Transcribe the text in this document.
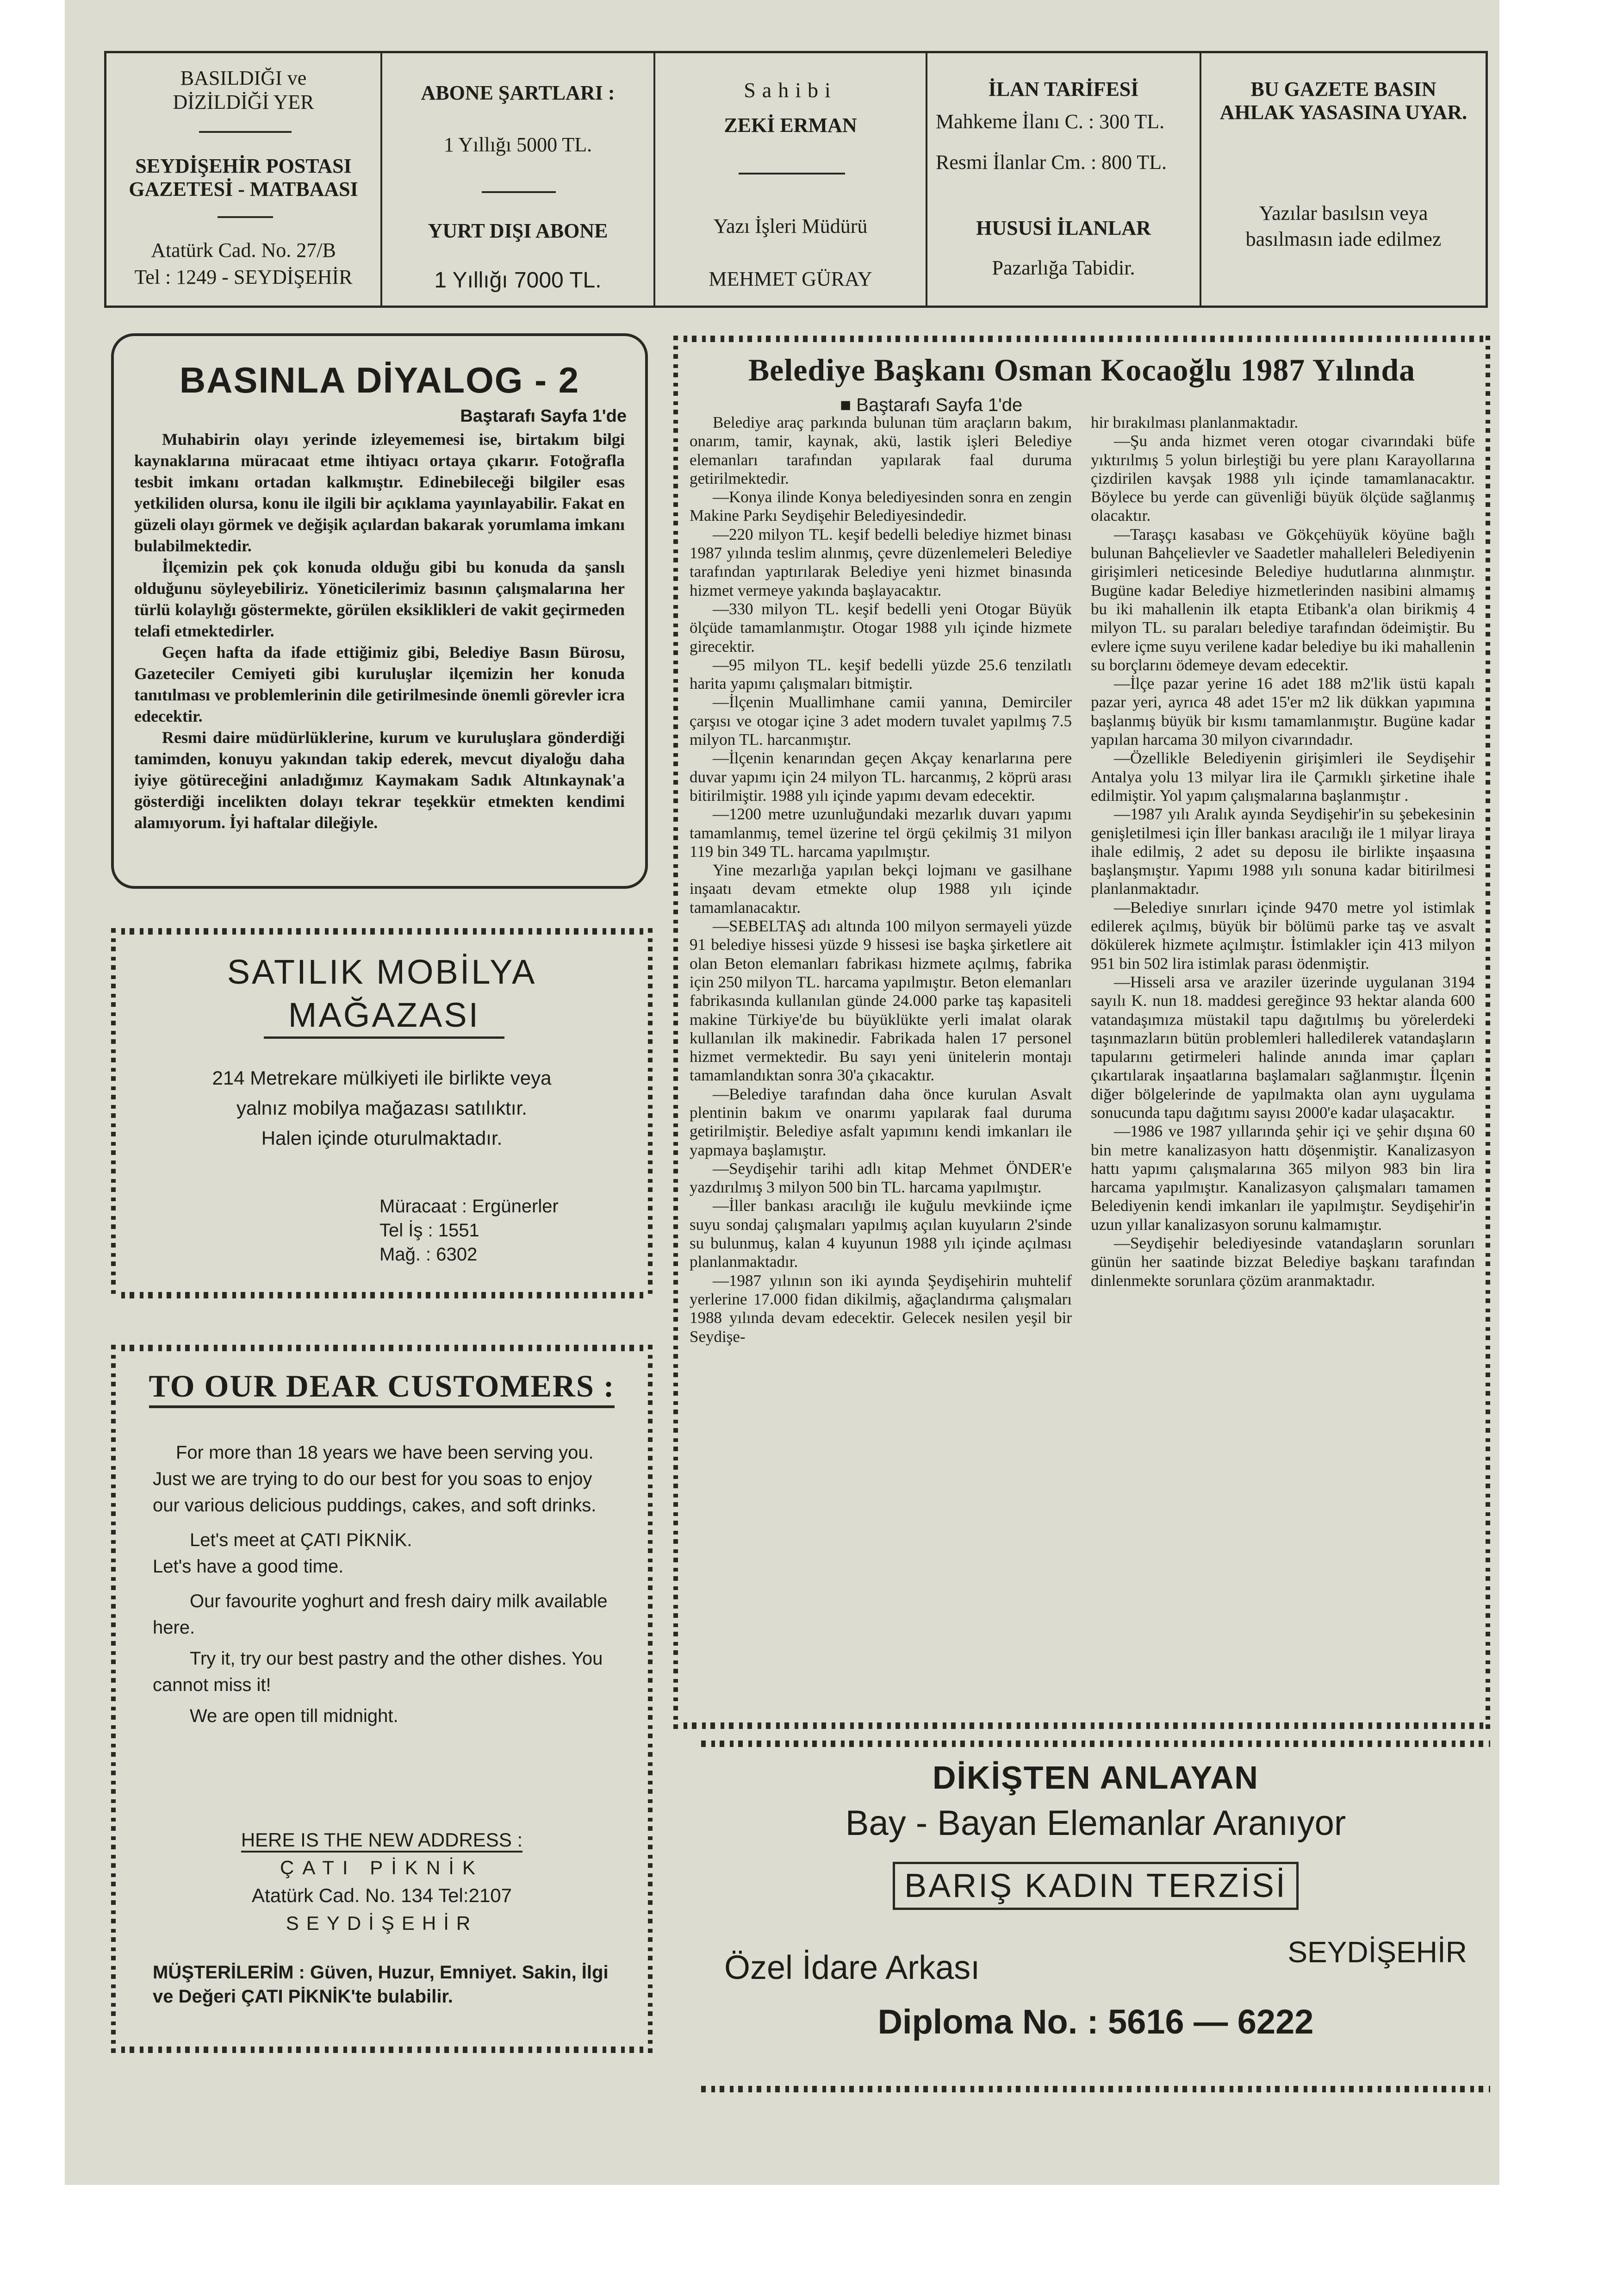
BASILDIĞI ve
DİZİLDİĞİ YER
SEYDİŞEHİR POSTASI
GAZETESİ - MATBAASI
Atatürk Cad. No. 27/B
Tel : 1249 - SEYDİŞEHİR
ABONE ŞARTLARI :
1 Yıllığı 5000 TL.
YURT DIŞI ABONE
1 Yıllığı 7000 TL.
Sahibi
ZEKİ ERMAN
Yazı İşleri Müdürü
MEHMET GÜRAY
İLAN TARİFESİ
Mahkeme İlanı C. : 300 TL.
Resmi İlanlar Cm. : 800 TL.
HUSUSİ İLANLAR
Pazarlığa Tabidir.
BU GAZETE BASIN
AHLAK YASASINA UYAR.
Yazılar basılsın veya
basılmasın iade edilmez
BASINLA DİYALOG - 2
Baştarafı Sayfa 1'de

Muhabirin olayı yerinde izleyememesi ise, birtakım bilgi kaynaklarına müracaat etme ihtiyacı ortaya çıkarır. Fotoğrafla tesbit imkanı ortadan kalkmıştır. Edinebileceği bilgiler esas yetkiliden olursa, konu ile ilgili bir açıklama yayınlayabilir. Fakat en güzeli olayı görmek ve değişik açılardan bakarak yorumlama imkanı bulabilmektedir.

İlçemizin pek çok konuda olduğu gibi bu konuda da şanslı olduğunu söyleyebiliriz. Yöneticilerimiz basının çalışmalarına her türlü kolaylığı göstermekte, görülen eksiklikleri de vakit geçirmeden telafi etmektedirler.

Geçen hafta da ifade ettiğimiz gibi, Belediye Basın Bürosu, Gazeteciler Cemiyeti gibi kuruluşlar ilçemizin her konuda tanıtılması ve problemlerinin dile getirilmesinde önemli görevler icra edecektir.

Resmi daire müdürlüklerine, kurum ve kuruluşlara gönderdiği tamimden, konuyu yakından takip ederek, mevcut diyaloğu daha iyiye götüreceğini anladığımız Kaymakam Sadık Altınkaynak'a gösterdiği incelikten dolayı tekrar teşekkür etmekten kendimi alamıyorum. İyi haftalar dileğiyle.

SATILIK MOBİLYA
MAĞAZASI
214 Metrekare mülkiyeti ile birlikte veya
yalnız mobilya mağazası satılıktır.
Halen içinde oturulmaktadır.
Müracaat : Ergünerler
Tel İş : 1551
Mağ. : 6302
TO OUR DEAR CUSTOMERS :

For more than 18 years we have been serving you. Just we are trying to do our best for you soas to enjoy our various delicious puddings, cakes, and soft drinks.

Let's meet at ÇATI PİKNİK.

Let's have a good time.

Our favourite yoghurt and fresh dairy milk available here.

Try it, try our best pastry and the other dishes. You cannot miss it!

We are open till midnight.

HERE IS THE NEW ADDRESS :
ÇATI PİKNİK
Atatürk Cad. No. 134 Tel:2107
SEYDİŞEHİR
MÜŞTERİLERİM : Güven, Huzur, Emniyet. Sakin, İlgi ve Değeri ÇATI PİKNİK'te bulabilir.
Belediye Başkanı Osman Kocaoğlu 1987 Yılında
■ Baştarafı Sayfa 1'de

Belediye araç parkında bulunan tüm araçların bakım, onarım, tamir, kaynak, akü, lastik işleri Belediye elemanları tarafından yapılarak faal duruma getirilmektedir.

—Konya ilinde Konya belediyesinden sonra en zengin Makine Parkı Seydişehir Belediyesindedir.

—220 milyon TL. keşif bedelli belediye hizmet binası 1987 yılında teslim alınmış, çevre düzenlemeleri Belediye tarafından yaptırılarak Belediye yeni hizmet binasında hizmet vermeye yakında başlayacaktır.

—330 milyon TL. keşif bedelli yeni Otogar Büyük ölçüde tamamlanmıştır. Otogar 1988 yılı içinde hizmete girecektir.

—95 milyon TL. keşif bedelli yüzde 25.6 tenzilatlı harita yapımı çalışmaları bitmiştir.

—İlçenin Muallimhane camii yanına, Demirciler çarşısı ve otogar içine 3 adet modern tuvalet yapılmış 7.5 milyon TL. harcanmıştır.

—İlçenin kenarından geçen Akçay kenarlarına pere duvar yapımı için 24 milyon TL. harcanmış, 2 köprü arası bitirilmiştir. 1988 yılı içinde yapımı devam edecektir.

—1200 metre uzunluğundaki mezarlık duvarı yapımı tamamlanmış, temel üzerine tel örgü çekilmiş 31 milyon 119 bin 349 TL. harcama yapılmıştır.

Yine mezarlığa yapılan bekçi lojmanı ve gasilhane inşaatı devam etmekte olup 1988 yılı içinde tamamlanacaktır.

—SEBELTAŞ adı altında 100 milyon sermayeli yüzde 91 belediye hissesi yüzde 9 hissesi ise başka şirketlere ait olan Beton elemanları fabrikası hizmete açılmış, fabrika için 250 milyon TL. harcama yapılmıştır. Beton elemanları fabrikasında kullanılan günde 24.000 parke taş kapasiteli makine Türkiye'de bu büyüklükte yerli imalat olarak kullanılan ilk makinedir. Fabrikada halen 17 personel hizmet vermektedir. Bu sayı yeni ünitelerin montajı tamamlandıktan sonra 30'a çıkacaktır.

—Belediye tarafından daha önce kurulan Asvalt plentinin bakım ve onarımı yapılarak faal duruma getirilmiştir. Belediye asfalt yapımını kendi imkanları ile yapmaya başlamıştır.

—Seydişehir tarihi adlı kitap Mehmet ÖNDER'e yazdırılmış 3 milyon 500 bin TL. harcama yapılmıştır.

—İller bankası aracılığı ile kuğulu mevkiinde içme suyu sondaj çalışmaları yapılmış açılan kuyuların 2'sinde su bulunmuş, kalan 4 kuyunun 1988 yılı içinde açılması planlanmaktadır.

—1987 yılının son iki ayında Şeydişehirin muhtelif yerlerine 17.000 fidan dikilmiş, ağaçlandırma çalışmaları 1988 yılında devam edecektir. Gelecek nesilen yeşil bir Seydişe-

hir bırakılması planlanmaktadır.

—Şu anda hizmet veren otogar civarındaki büfe yıktırılmış 5 yolun birleştiği bu yere planı Karayollarına çizdirilen kavşak 1988 yılı içinde tamamlanacaktır. Böylece bu yerde can güvenliği büyük ölçüde sağlanmış olacaktır.

—Taraşçı kasabası ve Gökçehüyük köyüne bağlı bulunan Bahçelievler ve Saadetler mahalleleri Belediyenin girişimleri neticesinde Belediye hudutlarına alınmıştır. Bugüne kadar Belediye hizmetlerinden nasibini almamış bu iki mahallenin ilk etapta Etibank'a olan birikmiş 4 milyon TL. su paraları belediye tarafından ödeimiştir. Bu evlere içme suyu verilene kadar belediye bu iki mahallenin su borçlarını ödemeye devam edecektir.

—İlçe pazar yerine 16 adet 188 m2'lik üstü kapalı pazar yeri, ayrıca 48 adet 15'er m2 lik dükkan yapımına başlanmış büyük bir kısmı tamamlanmıştır. Bugüne kadar yapılan harcama 30 milyon civarındadır.

—Özellikle Belediyenin girişimleri ile Seydişehir Antalya yolu 13 milyar lira ile Çarmıklı şirketine ihale edilmiştir. Yol yapım çalışmalarına başlanmıştır .

—1987 yılı Aralık ayında Seydişehir'in su şebekesinin genişletilmesi için İller bankası aracılığı ile 1 milyar liraya ihale edilmiş, 2 adet su deposu ile birlikte inşaasına başlanşmıştır. Yapımı 1988 yılı sonuna kadar bitirilmesi planlanmaktadır.

—Belediye sınırları içinde 9470 metre yol istimlak edilerek açılmış, büyük bir bölümü parke taş ve asvalt dökülerek hizmete açılmıştır. İstimlakler için 413 milyon 951 bin 502 lira istimlak parası ödenmiştir.

—Hisseli arsa ve araziler üzerinde uygulanan 3194 sayılı K. nun 18. maddesi gereğince 93 hektar alanda 600 vatandaşımıza müstakil tapu dağıtılmış bu yörelerdeki taşınmazların bütün problemleri halledilerek vatandaşların tapularını getirmeleri halinde anında imar çapları çıkartılarak inşaatlarına başlamaları sağlanmıştır. İlçenin diğer bölgelerinde de yapılmakta olan aynı uygulama sonucunda tapu dağıtımı sayısı 2000'e kadar ulaşacaktır.

—1986 ve 1987 yıllarında şehir içi ve şehir dışına 60 bin metre kanalizasyon hattı döşenmiştir. Kanalizasyon hattı yapımı çalışmalarına 365 milyon 983 bin lira harcama yapılmıştır. Kanalizasyon çalışmaları tamamen Belediyenin kendi imkanları ile yapılmıştır. Seydişehir'in uzun yıllar kanalizasyon sorunu kalmamıştır.

—Seydişehir belediyesinde vatandaşların sorunları günün her saatinde bizzat Belediye başkanı tarafından dinlenmekte sorunlara çözüm aranmaktadır.

DİKİŞTEN ANLAYAN
Bay - Bayan Elemanlar Aranıyor
BARIŞ KADIN TERZİSİ
Özel İdare Arkası	SEYDİŞEHİR
Diploma No. : 5616 — 6222
